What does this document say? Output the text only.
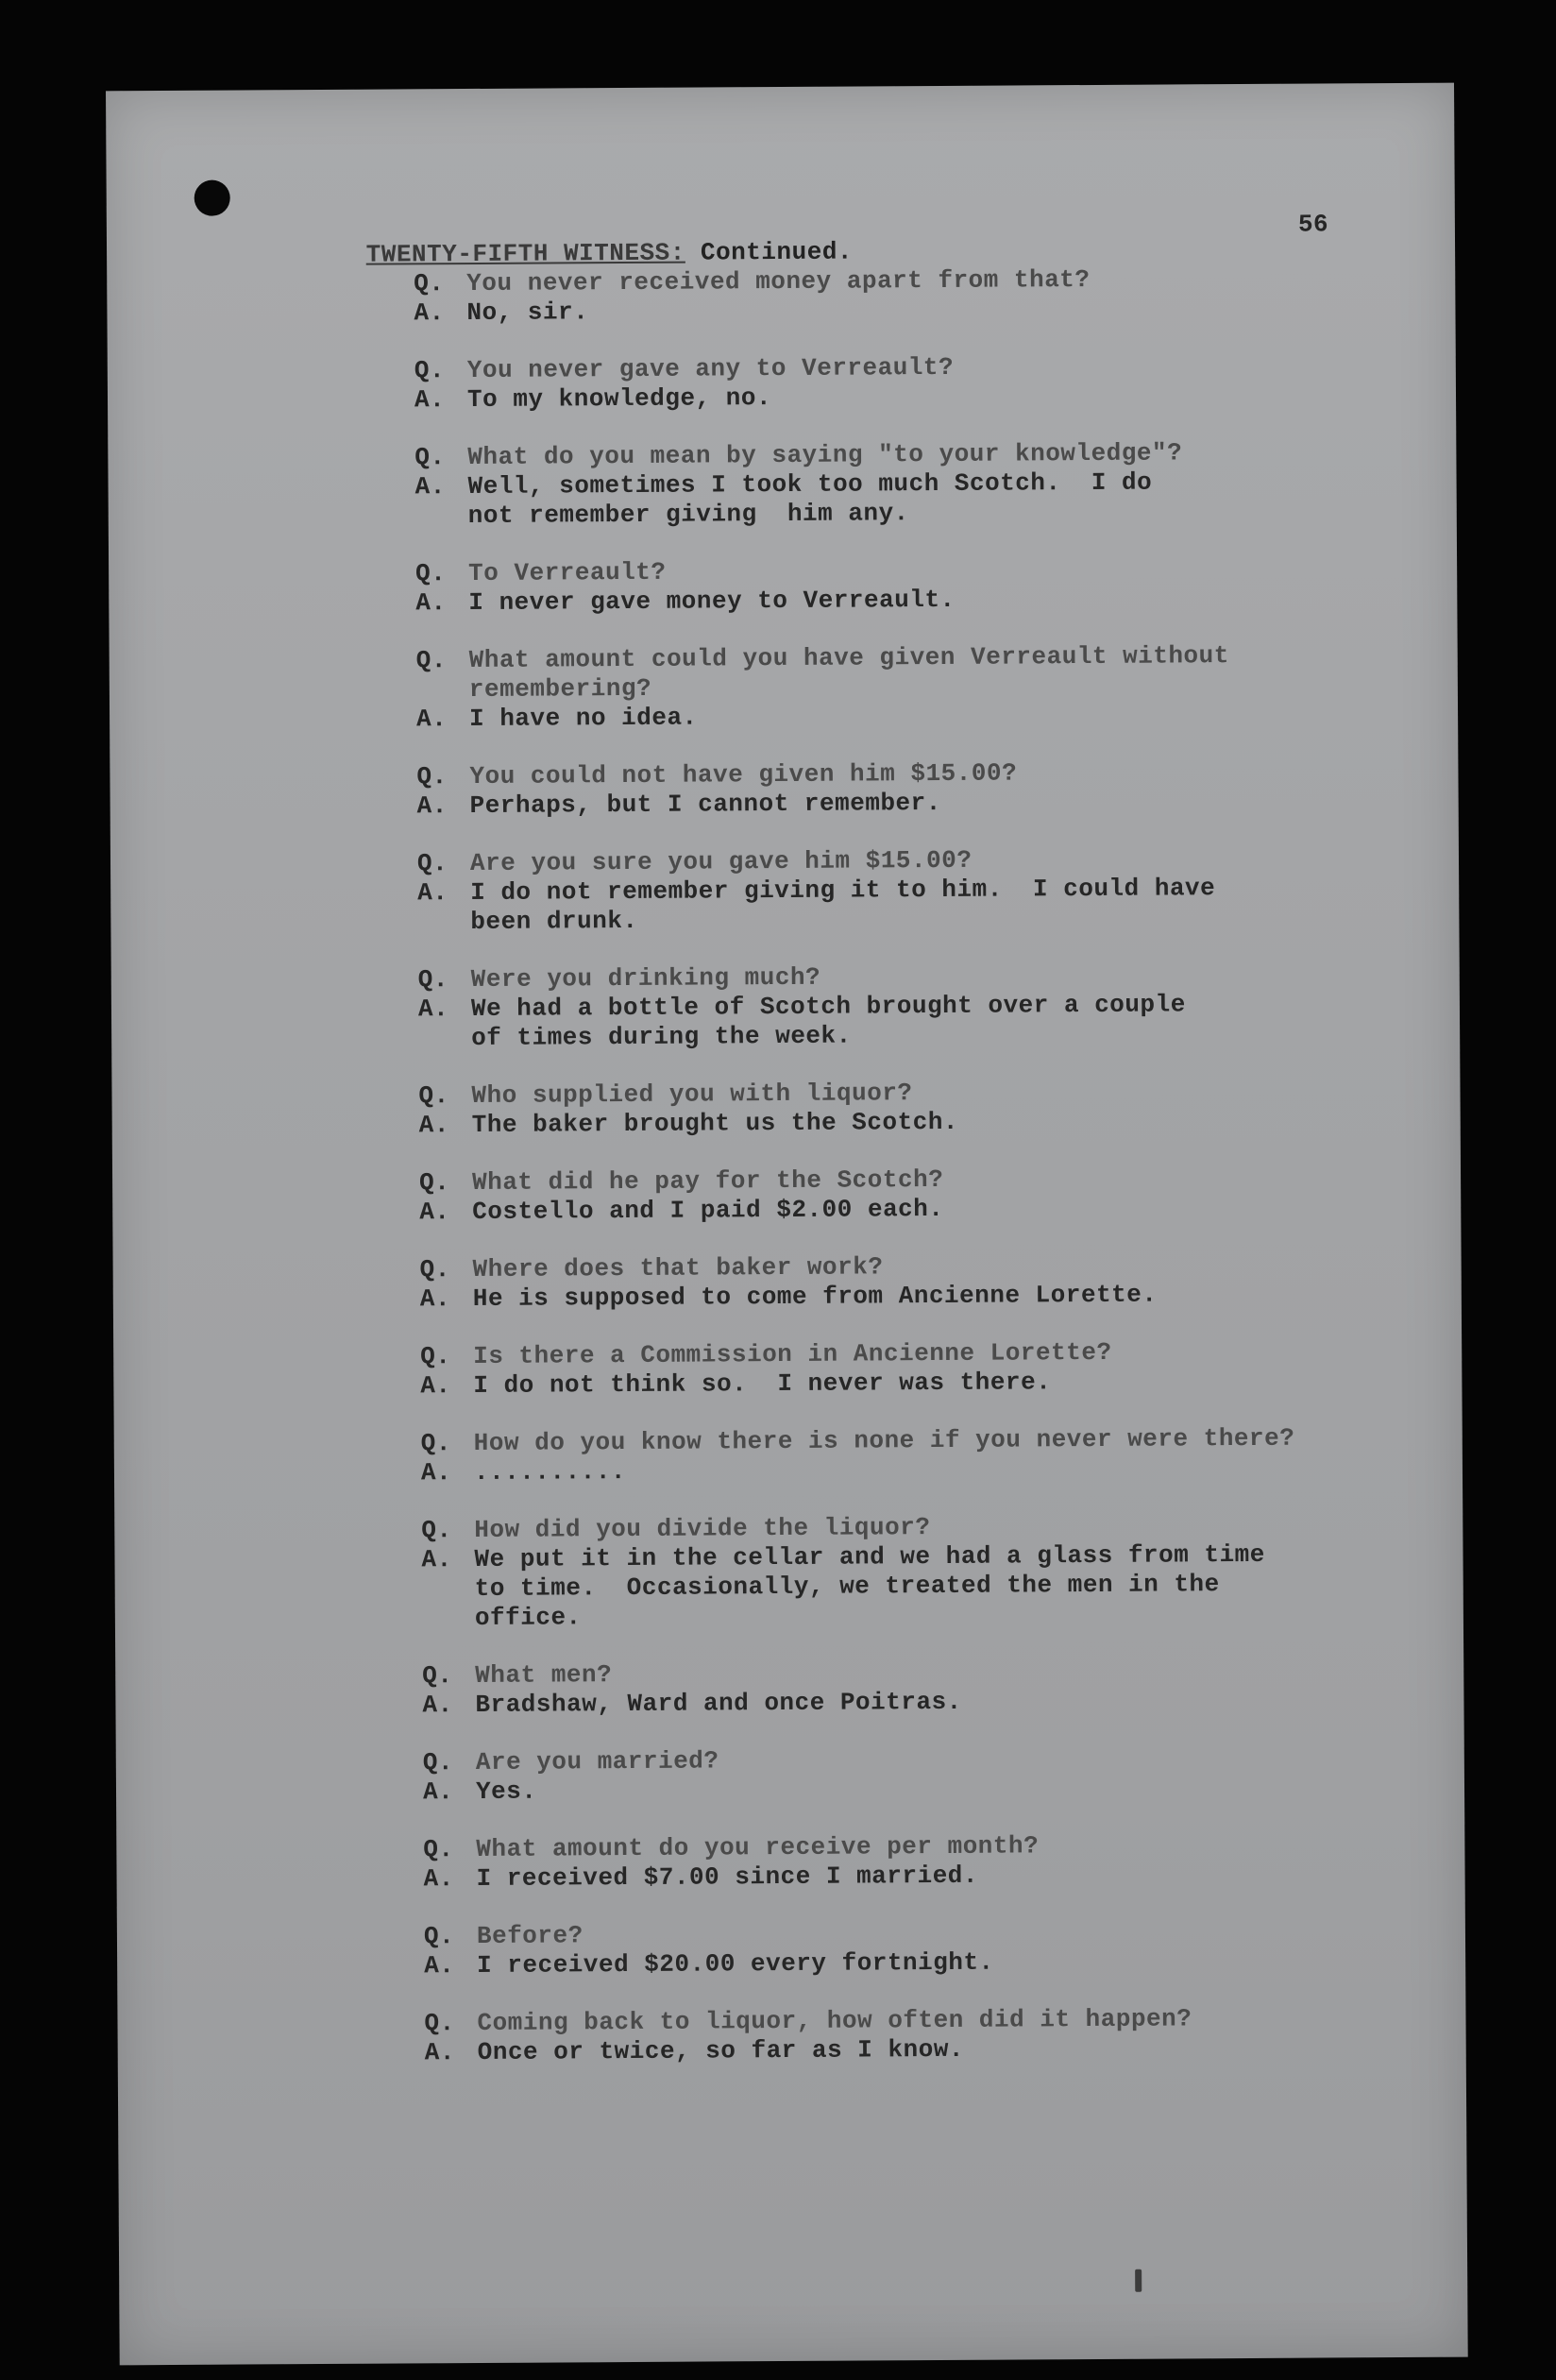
TWENTY-FIFTH WITNESS: Continued.

56
Q. You never received money apart from that?
A. No, sir.
Q. You never gave any to Verreault?
A. To my knowledge, no.
Q. What do you mean by saying "to your knowledge"?
A. Well, sometimes I took too much Scotch.  I do
not remember giving  him any.
Q. To Verreault?
A. I never gave money to Verreault.
Q. What amount could you have given Verreault without
remembering?
A. I have no idea.
Q. You could not have given him $15.00?
A. Perhaps, but I cannot remember.
Q. Are you sure you gave him $15.00?
A. I do not remember giving it to him.  I could have
been drunk.
Q. Were you drinking much?
A. We had a bottle of Scotch brought over a couple
of times during the week.
Q. Who supplied you with liquor?
A. The baker brought us the Scotch.
Q. What did he pay for the Scotch?
A. Costello and I paid $2.00 each.
Q. Where does that baker work?
A. He is supposed to come from Ancienne Lorette.
Q. Is there a Commission in Ancienne Lorette?
A. I do not think so.  I never was there.
Q. How do you know there is none if you never were there?
A. ..........
Q. How did you divide the liquor?
A. We put it in the cellar and we had a glass from time
to time.  Occasionally, we treated the men in the
office.
Q. What men?
A. Bradshaw, Ward and once Poitras.
Q. Are you married?
A. Yes.
Q. What amount do you receive per month?
A. I received $7.00 since I married.
Q. Before?
A. I received $20.00 every fortnight.
Q. Coming back to liquor, how often did it happen?
A. Once or twice, so far as I know.
